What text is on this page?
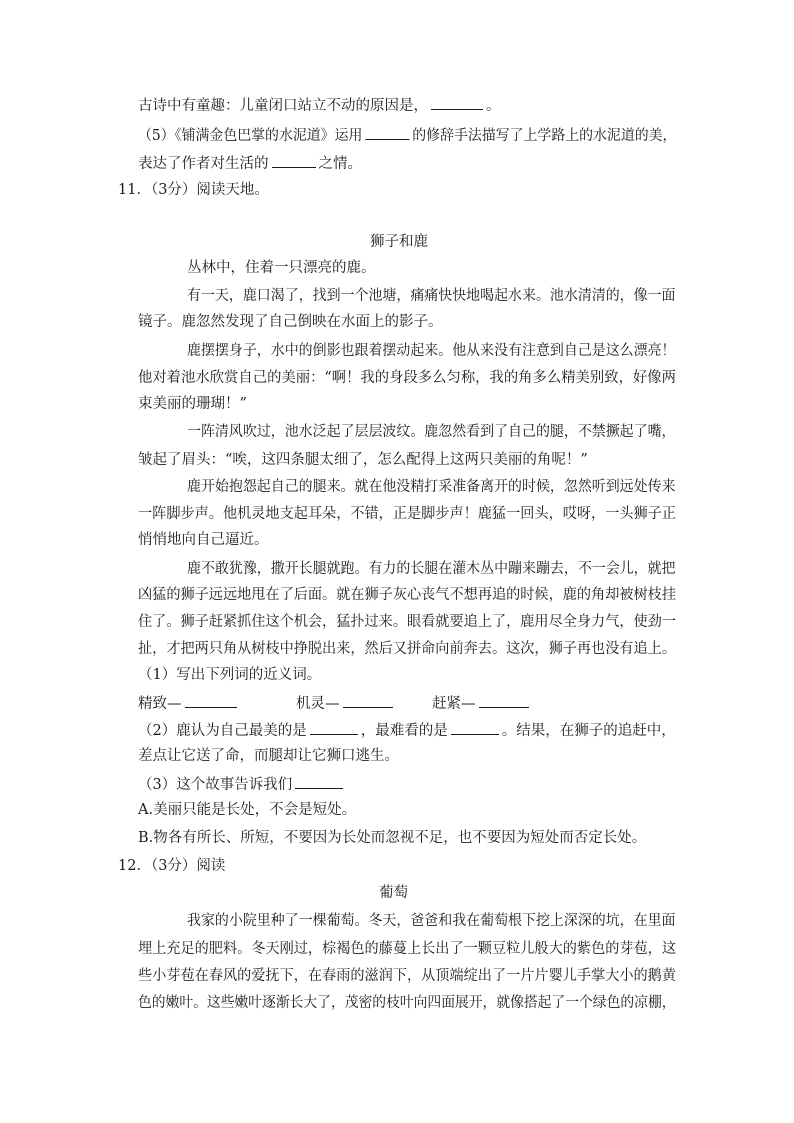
古诗中有童趣：儿童闭口站立不动的原因是，	。
（5）《铺满金色巴掌的水泥道》运用	的修辞手法描写了上学路上的水泥道的美，
表达了作者对生活的	之情。
11．（3分）阅读天地。
狮子和鹿
丛林中，住着一只漂亮的鹿。
有一天，鹿口渴了，找到一个池塘，痛痛快快地喝起水来。池水清清的，像一面
镜子。鹿忽然发现了自己倒映在水面上的影子。
鹿摆摆身子，水中的倒影也跟着摆动起来。他从来没有注意到自己是这么漂亮！
他对着池水欣赏自己的美丽：“啊！我的身段多么匀称，我的角多么精美别致，好像两
束美丽的珊瑚！”
一阵清风吹过，池水泛起了层层波纹。鹿忽然看到了自己的腿，不禁撅起了嘴，
皱起了眉头：“唉，这四条腿太细了，怎么配得上这两只美丽的角呢！”
鹿开始抱怨起自己的腿来。就在他没精打采准备离开的时候，忽然听到远处传来
一阵脚步声。他机灵地支起耳朵，不错，正是脚步声！鹿猛一回头，哎呀，一头狮子正
悄悄地向自己逼近。
鹿不敢犹豫，撒开长腿就跑。有力的长腿在灌木丛中蹦来蹦去，不一会儿，就把
凶猛的狮子远远地甩在了后面。就在狮子灰心丧气不想再追的时候，鹿的角却被树枝挂
住了。狮子赶紧抓住这个机会，猛扑过来。眼看就要追上了，鹿用尽全身力气，使劲一
扯，才把两只角从树枝中挣脱出来，然后又拼命向前奔去。这次，狮子再也没有追上。
（1）写出下列词的近义词。
精致—	机灵—	赶紧—
（2）鹿认为自己最美的是	，最难看的是	。结果，在狮子的追赶中，
差点让它送了命，而腿却让它狮口逃生。
（3）这个故事告诉我们
A.美丽只能是长处，不会是短处。
B.物各有所长、所短，不要因为长处而忽视不足，也不要因为短处而否定长处。
12．（3分）阅读
葡萄
我家的小院里种了一棵葡萄。冬天，爸爸和我在葡萄根下挖上深深的坑，在里面
埋上充足的肥料。冬天刚过，棕褐色的藤蔓上长出了一颗豆粒儿般大的紫色的芽苞，这
些小芽苞在春风的爱抚下，在春雨的滋润下，从顶端绽出了一片片婴儿手掌大小的鹅黄
色的嫩叶。这些嫩叶逐渐长大了，茂密的枝叶向四面展开，就像搭起了一个绿色的凉棚，
